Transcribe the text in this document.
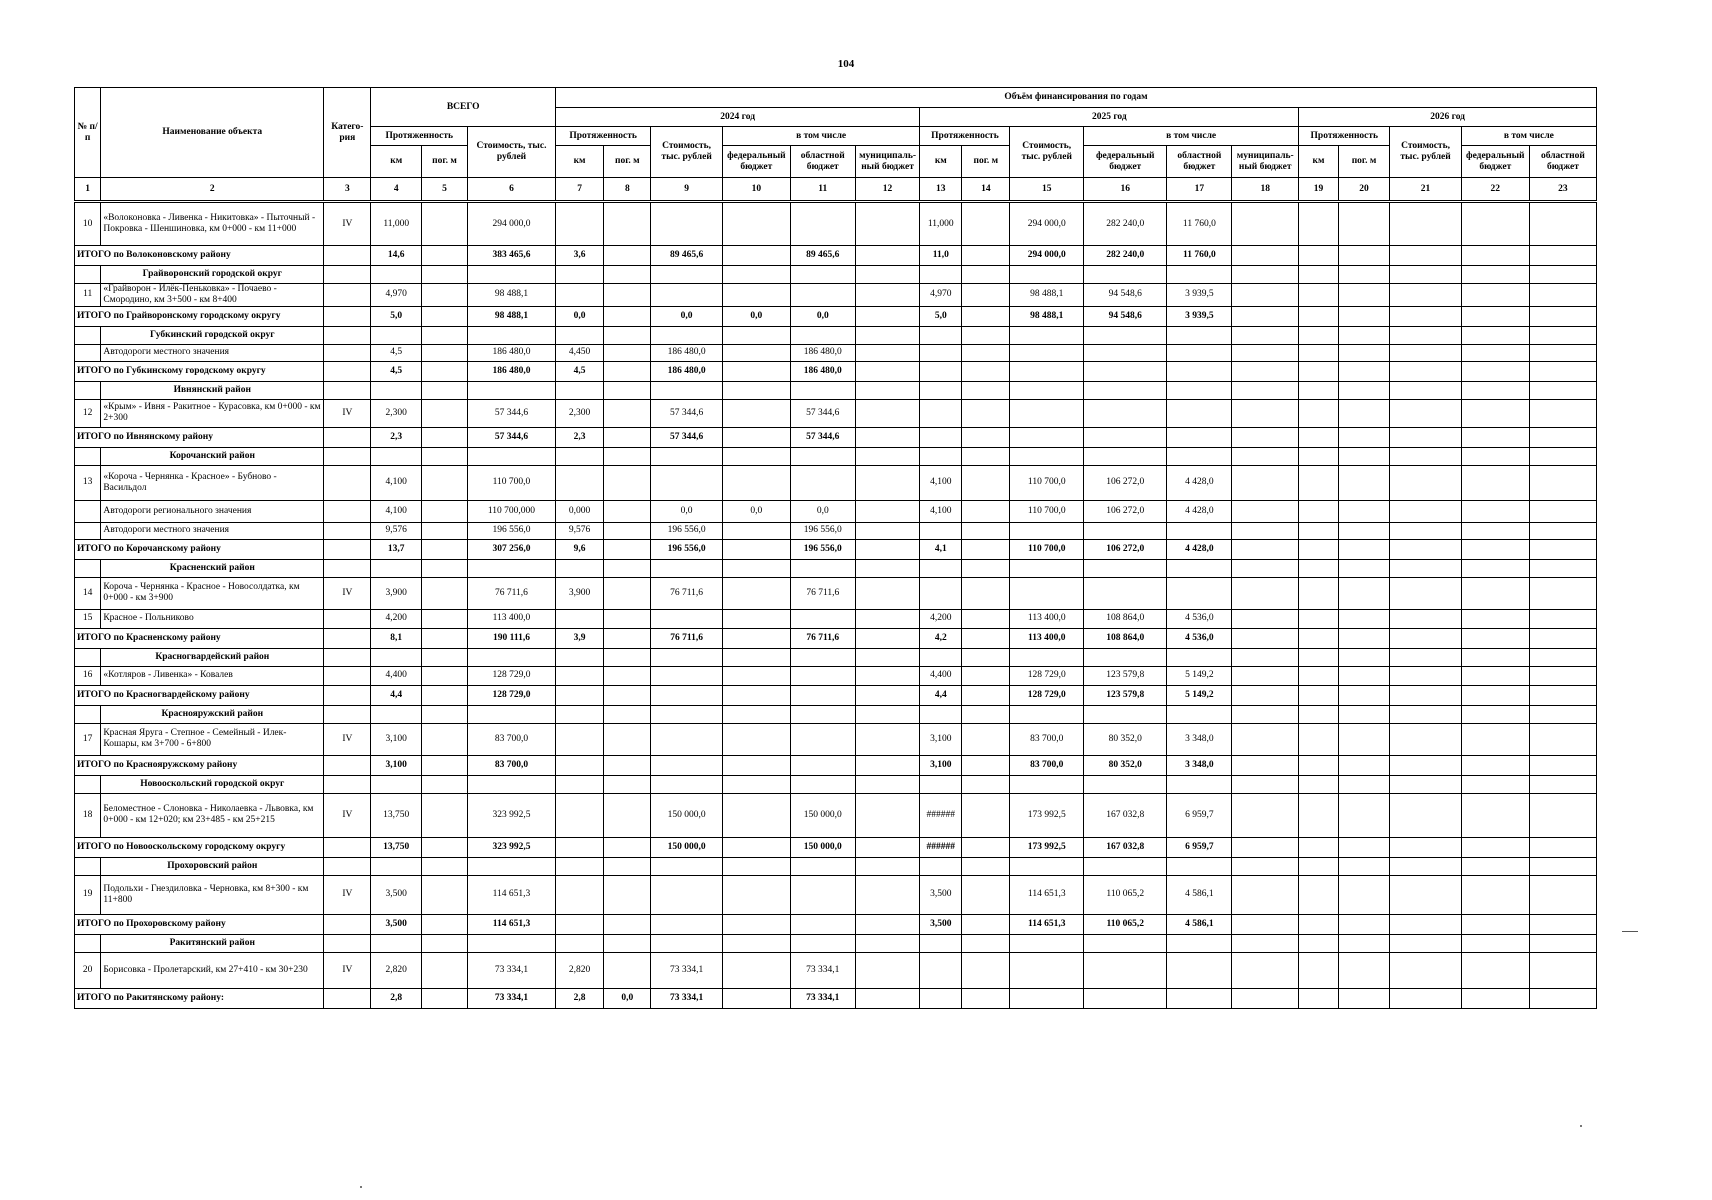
104
№ п/п	Наименование объекта	Катего-рия	ВСЕГО			Объём финансирования по годам																
						2024 год						2025 год						2026 год				
			Протяженность		Стоимость, тыс. рублей	Протяженность		Стоимость, тыс. рублей	в том числе			Протяженность		Стоимость, тыс. рублей	в том числе			Протяженность		Стоимость, тыс. рублей	в том числе	
			км	пог. м		км	пог. м		федеральный бюджет	областной бюджет	муниципаль-ный бюджет	км	пог. м		федеральный бюджет	областной бюджет	муниципаль-ный бюджет	км	пог. м		федеральный бюджет	областной бюджет
1	2	3	4	5	6	7	8	9	10	11	12	13	14	15	16	17	18	19	20	21	22	23
10	«Волоконовка - Ливенка - Никитовка» - Пыточный - Покровка - Шеншиновка, км 0+000 - км 11+000	IV	11,000		294 000,0							11,000		294 000,0	282 240,0	11 760,0						
ИТОГО по Волоконовскому району			14,6		383 465,6	3,6		89 465,6		89 465,6		11,0		294 000,0	282 240,0	11 760,0						
	Грайворонский городской округ																					
11	«Грайворон - Илёк-Пеньковка» - Почаево - Смородино, км 3+500 - км 8+400		4,970		98 488,1							4,970		98 488,1	94 548,6	3 939,5						
ИТОГО по Грайворонскому городскому округу			5,0		98 488,1	0,0		0,0	0,0	0,0		5,0		98 488,1	94 548,6	3 939,5						
	Губкинский городской округ																					
	Автодороги местного значения		4,5		186 480,0	4,450		186 480,0		186 480,0												
ИТОГО по Губкинскому городскому округу			4,5		186 480,0	4,5		186 480,0		186 480,0												
	Ивнянский район																					
12	«Крым» - Ивня - Ракитное - Курасовка, км 0+000 - км 2+300	IV	2,300		57 344,6	2,300		57 344,6		57 344,6												
ИТОГО по Ивнянскому району			2,3		57 344,6	2,3		57 344,6		57 344,6												
	Корочанский район																					
13	«Короча - Чернянка - Красное» - Бубново - Васильдол		4,100		110 700,0							4,100		110 700,0	106 272,0	4 428,0						
	Автодороги регионального значения		4,100		110 700,000	0,000		0,0	0,0	0,0		4,100		110 700,0	106 272,0	4 428,0						
	Автодороги местного значения		9,576		196 556,0	9,576		196 556,0		196 556,0												
ИТОГО по Корочанскому району			13,7		307 256,0	9,6		196 556,0		196 556,0		4,1		110 700,0	106 272,0	4 428,0						
	Красненский район																					
14	Короча - Чернянка - Красное - Новосолдатка, км 0+000 - км 3+900	IV	3,900		76 711,6	3,900		76 711,6		76 711,6												
15	Красное - Польниково		4,200		113 400,0							4,200		113 400,0	108 864,0	4 536,0						
ИТОГО по Красненскому району			8,1		190 111,6	3,9		76 711,6		76 711,6		4,2		113 400,0	108 864,0	4 536,0						
	Красногвардейский район																					
16	«Котляров - Ливенка» - Ковалев		4,400		128 729,0							4,400		128 729,0	123 579,8	5 149,2						
ИТОГО по Красногвардейскому району			4,4		128 729,0							4,4		128 729,0	123 579,8	5 149,2						
	Краснояружский район																					
17	Красная Яруга - Степное - Семейный - Илек-Кошары, км 3+700 - 6+800	IV	3,100		83 700,0							3,100		83 700,0	80 352,0	3 348,0						
ИТОГО по Краснояружскому району			3,100		83 700,0							3,100		83 700,0	80 352,0	3 348,0						
	Новооскольский городской округ																					
18	Беломестное - Слоновка - Николаевка - Львовка, км 0+000 - км 12+020; км 23+485 - км 25+215	IV	13,750		323 992,5			150 000,0		150 000,0		######		173 992,5	167 032,8	6 959,7						
ИТОГО по Новооскольскому городскому округу			13,750		323 992,5			150 000,0		150 000,0		######		173 992,5	167 032,8	6 959,7						
	Прохоровский район																					
19	Подольхи - Гнездиловка - Черновка, км 8+300 - км 11+800	IV	3,500		114 651,3							3,500		114 651,3	110 065,2	4 586,1						
ИТОГО по Прохоровскому району			3,500		114 651,3							3,500		114 651,3	110 065,2	4 586,1						
	Ракитянский район																					
20	Борисовка - Пролетарский, км 27+410 - км 30+230	IV	2,820		73 334,1	2,820		73 334,1		73 334,1												
ИТОГО по Ракитянскому району:			2,8		73 334,1	2,8	0,0	73 334,1		73 334,1												
